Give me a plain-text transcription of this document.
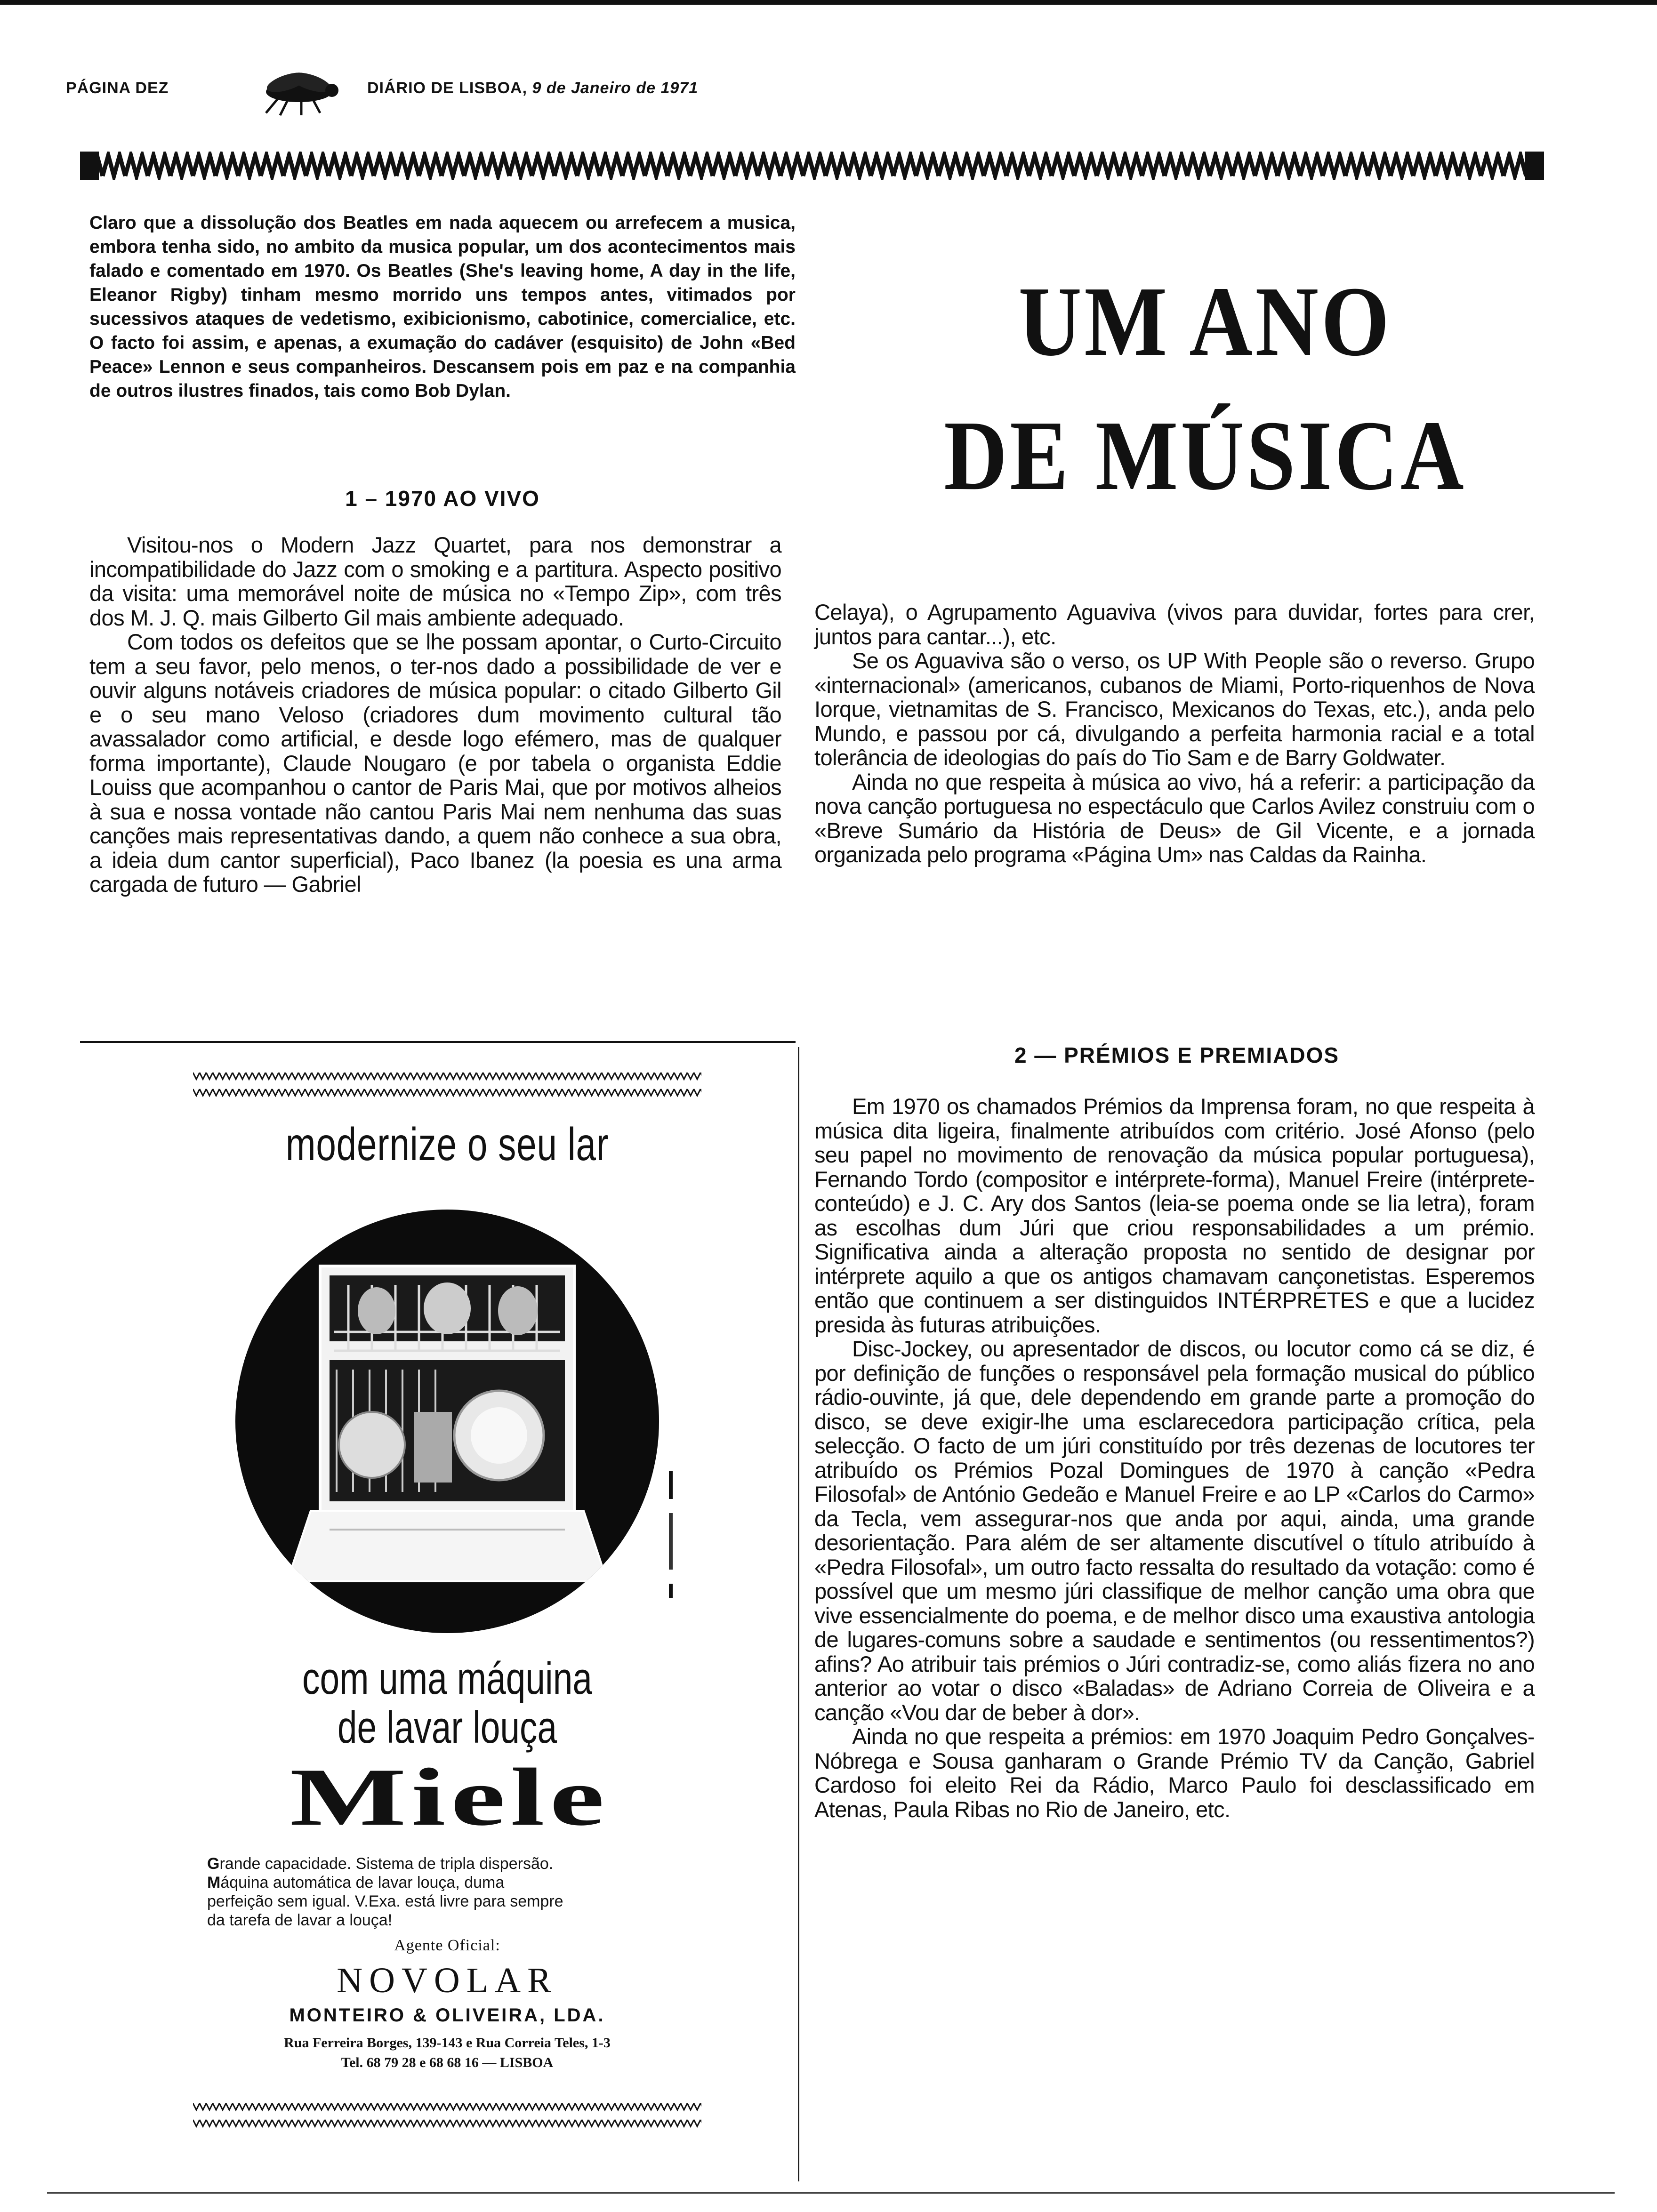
PÁGINA DEZ	DIÁRIO DE LISBOA, 9 de Janeiro de 1971
Claro que a dissolução dos Beatles em nada aquecem ou arrefecem a musica, embora tenha sido, no ambito da musica popular, um dos acontecimentos mais falado e comentado em 1970. Os Beatles (She's leaving home, A day in the life, Eleanor Rigby) tinham mesmo morrido uns tempos antes, vitimados por sucessivos ataques de vedetismo, exibicionismo, cabotinice, comercialice, etc. O facto foi assim, e apenas, a exumação do cadáver (esquisito) de John «Bed Peace» Lennon e seus companheiros. Descansem pois em paz e na companhia de outros ilustres finados, tais como Bob Dylan.
UM ANO
DE MÚSICA
1 – 1970 AO VIVO

Visitou-nos o Modern Jazz Quartet, para nos demonstrar a incompatibilidade do Jazz com o smoking e a partitura. Aspecto positivo da visita: uma memorável noite de música no «Tempo Zip», com três dos M. J. Q. mais Gilberto Gil mais ambiente adequado.

Com todos os defeitos que se lhe possam apontar, o Curto-Circuito tem a seu favor, pelo menos, o ter-nos dado a possibilidade de ver e ouvir alguns notáveis criadores de música popular: o citado Gilberto Gil e o seu mano Veloso (criadores dum movimento cultural tão avassalador como artificial, e desde logo efémero, mas de qualquer forma importante), Claude Nougaro (e por tabela o organista Eddie Louiss que acompanhou o cantor de Paris Mai, que por motivos alheios à sua e nossa vontade não cantou Paris Mai nem nenhuma das suas canções mais representativas dando, a quem não conhece a sua obra, a ideia dum cantor superficial), Paco Ibanez (la poesia es una arma cargada de futuro — Gabriel

Celaya), o Agrupamento Aguaviva (vivos para duvidar, fortes para crer, juntos para cantar...), etc.

Se os Aguaviva são o verso, os UP With People são o reverso. Grupo «internacional» (americanos, cubanos de Miami, Porto-riquenhos de Nova Iorque, vietnamitas de S. Francisco, Mexicanos do Texas, etc.), anda pelo Mundo, e passou por cá, divulgando a perfeita harmonia racial e a total tolerância de ideologias do país do Tio Sam e de Barry Goldwater.

Ainda no que respeita à música ao vivo, há a referir: a participação da nova canção portuguesa no espectáculo que Carlos Avilez construiu com o «Breve Sumário da História de Deus» de Gil Vicente, e a jornada organizada pelo programa «Página Um» nas Caldas da Rainha.

2 — PRÉMIOS E PREMIADOS

Em 1970 os chamados Prémios da Imprensa foram, no que respeita à música dita ligeira, finalmente atribuídos com critério. José Afonso (pelo seu papel no movimento de renovação da música popular portuguesa), Fernando Tordo (compositor e intérprete-forma), Manuel Freire (intérprete-conteúdo) e J. C. Ary dos Santos (leia-se poema onde se lia letra), foram as escolhas dum Júri que criou responsabilidades a um prémio. Significativa ainda a alteração proposta no sentido de designar por intérprete aquilo a que os antigos chamavam cançonetistas. Esperemos então que continuem a ser distinguidos INTÉRPRETES e que a lucidez presida às futuras atribuições.

Disc-Jockey, ou apresentador de discos, ou locutor como cá se diz, é por definição de funções o responsável pela formação musical do público rádio-ouvinte, já que, dele dependendo em grande parte a promoção do disco, se deve exigir-lhe uma esclarecedora participação crítica, pela selecção. O facto de um júri constituído por três dezenas de locutores ter atribuído os Prémios Pozal Domingues de 1970 à canção «Pedra Filosofal» de António Gedeão e Manuel Freire e ao LP «Carlos do Carmo» da Tecla, vem assegurar-nos que anda por aqui, ainda, uma grande desorientação. Para além de ser altamente discutível o título atribuído à «Pedra Filosofal», um outro facto ressalta do resultado da votação: como é possível que um mesmo júri classifique de melhor canção uma obra que vive essencialmente do poema, e de melhor disco uma exaustiva antologia de lugares-comuns sobre a saudade e sentimentos (ou ressentimentos?) afins? Ao atribuir tais prémios o Júri contradiz-se, como aliás fizera no ano anterior ao votar o disco «Baladas» de Adriano Correia de Oliveira e a canção «Vou dar de beber à dor».

Ainda no que respeita a prémios: em 1970 Joaquim Pedro Gonçalves-Nóbrega e Sousa ganharam o Grande Prémio TV da Canção, Gabriel Cardoso foi eleito Rei da Rádio, Marco Paulo foi desclassificado em Atenas, Paula Ribas no Rio de Janeiro, etc.

modernize o seu lar
com uma máquina
de lavar louça
Miele
Grande capacidade. Sistema de tripla dispersão.
Máquina automática de lavar louça, duma perfeição sem igual. V.Exa. está livre para sempre da tarefa de lavar a louça!
Agente Oficial:
NOVOLAR
MONTEIRO & OLIVEIRA, LDA.
Rua Ferreira Borges, 139-143 e Rua Correia Teles, 1-3
Tel. 68 79 28 e 68 68 16 — LISBOA
